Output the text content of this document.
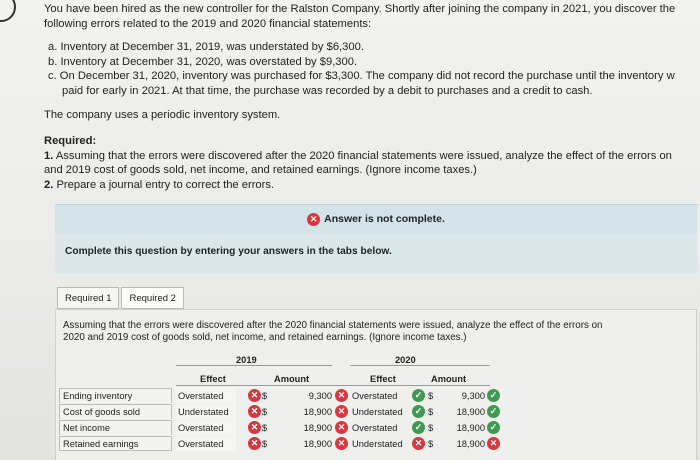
You have been hired as the new controller for the Ralston Company. Shortly after joining the company in 2021, you discover the
following errors related to the 2019 and 2020 financial statements:
a. Inventory at December 31, 2019, was understated by $6,300.
b. Inventory at December 31, 2020, was overstated by $9,300.
c. On December 31, 2020, inventory was purchased for $3,300. The company did not record the purchase until the inventory w
paid for early in 2021. At that time, the purchase was recorded by a debit to purchases and a credit to cash.
The company uses a periodic inventory system.
Required:
1. Assuming that the errors were discovered after the 2020 financial statements were issued, analyze the effect of the errors on
and 2019 cost of goods sold, net income, and retained earnings. (Ignore income taxes.)
2. Prepare a journal entry to correct the errors.
✕ Answer is not complete.
Complete this question by entering your answers in the tabs below.
Required 1	Required 2
Assuming that the errors were discovered after the 2020 financial statements were issued, analyze the effect of the errors on
2020 and 2019 cost of goods sold, net income, and retained earnings. (Ignore income taxes.)
2019	2020
Effect	Amount	Effect	Amount
Ending inventory	Overstated	✕ $	9,300 ✕ Overstated	✓ $	9,300 ✓
Cost of goods sold	Understated	✕ $	18,900 ✕ Understated	✓ $	18,900 ✓
Net income	Overstated	✕ $	18,900 ✕ Overstated	✓ $	18,900 ✓
Retained earnings	Overstated	✕ $	18,900 ✕ Understated	✕ $	18,900 ✕
